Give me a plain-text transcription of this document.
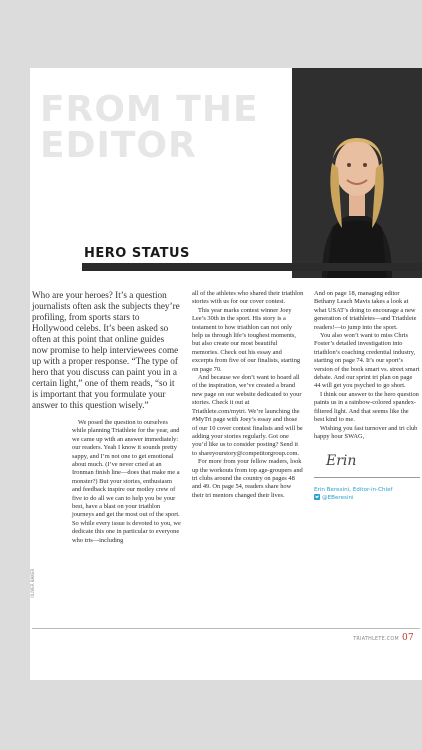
FROM THE
EDITOR
HERO STATUS
OLIVER BAKER

Who are your heroes? It’s a question journalists often ask the subjects they’re profiling, from sports stars to Hollywood celebs. It’s been asked so often at this point that online guides now promise to help interviewees come up with a proper response. “The type of hero that you discuss can paint you in a certain light,” one of them reads, “so it is important that you formulate your answer to this question wisely.”

We posed the question to ourselves while planning Triathlete for the year, and we came up with an answer immediately: our readers. Yeah I know it sounds pretty sappy, and I’m not one to get emotional about much. (I’ve never cried at an Ironman finish line—does that make me a monster?) But your stories, enthusiasm and feedback inspire our motley crew of five to do all we can to help you be your best, have a blast on your triathlon journeys and get the most out of the sport. So while every issue is devoted to you, we dedicate this one in particular to everyone who tris—including

all of the athletes who shared their triathlon stories with us for our cover contest.

This year marks contest winner Joey Lee’s 30th in the sport. His story is a testament to how triathlon can not only help us through life’s toughest moments, but also create our most beautiful memories. Check out his essay and excerpts from five of our finalists, starting on page 70.

And because we don’t want to hoard all of the inspiration, we’ve created a brand new page on our website dedicated to your stories. Check it out at Triathlete.com/mytri. We’re launching the #MyTri page with Joey’s essay and those of our 10 cover contest finalists and will be adding your stories regularly. Got one you’d like us to consider posting? Send it to shareyourstory@competitorgroup.com.

For more from your fellow readers, look up the workouts from top age-groupers and tri clubs around the country on pages 48 and 49. On page 54, readers share how their tri mentors changed their lives.

And on page 18, managing editor Bethany Leach Mavis takes a look at what USAT’s doing to encourage a new generation of triathletes—and Triathlete readers!—to jump into the sport.

You also won’t want to miss Chris Foster’s detailed investigation into triathlon’s coaching credential industry, starting on page 74. It’s our sport’s version of the book smart vs. street smart debate. And our sprint tri plan on page 44 will get you psyched to go short.

I think our answer to the hero question paints us in a rainbow-colored spandex-filtered light. And that seems like the best kind to me.

Wishing you fast turnover and tri club happy hour SWAG,

Erin

Erin Beresini, Editor-in-Chief

@EBeresini

TRIATHLETE.COM 07
